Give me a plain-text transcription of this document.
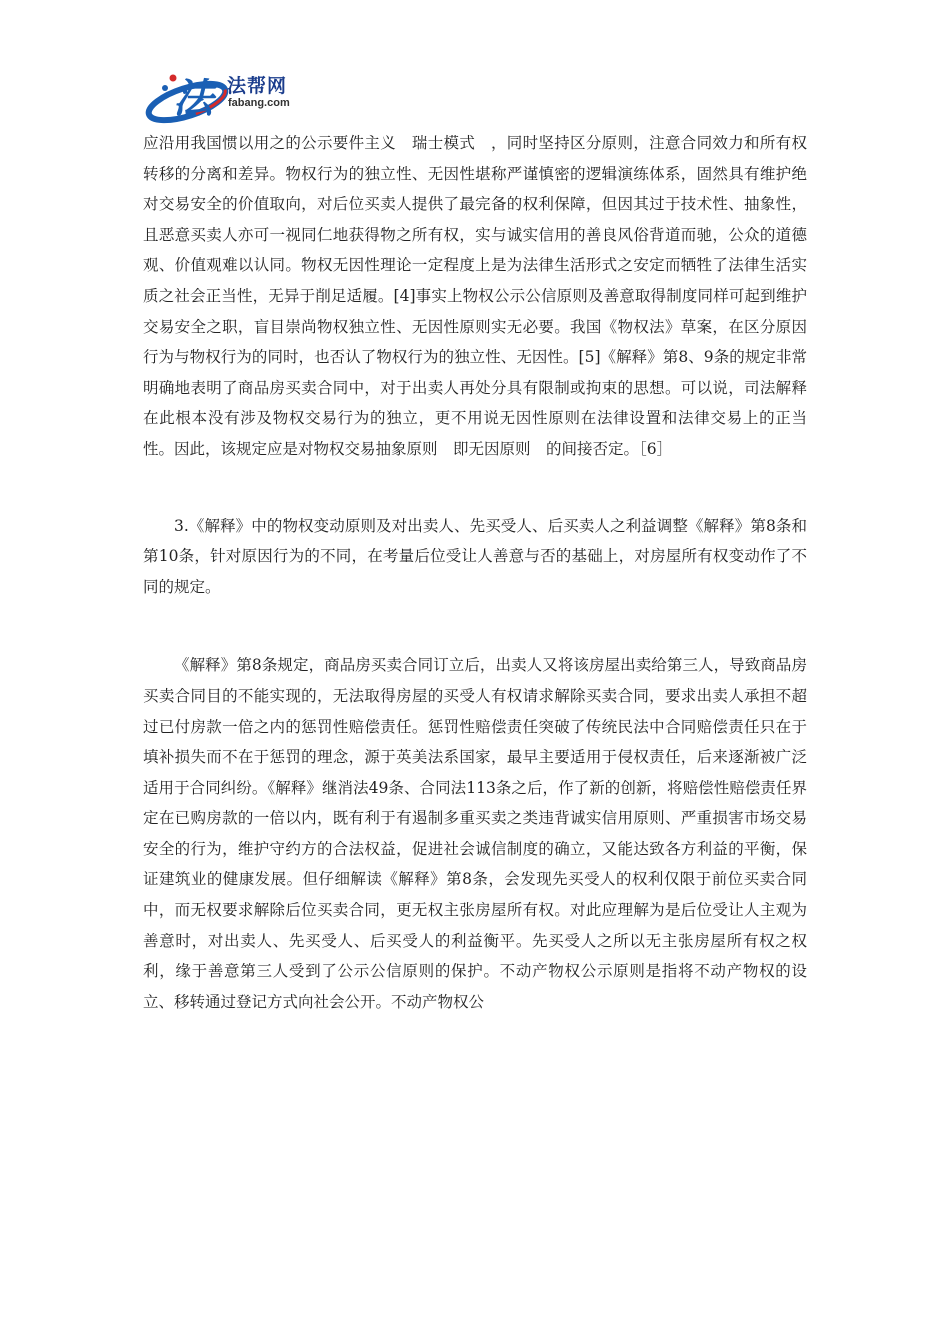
法 法帮网
fabang.com

应沿用我国惯以用之的公示要件主义　瑞士模式　，同时坚持区分原则，注意合同效力和所有权转移的分离和差异。物权行为的独立性、无因性堪称严谨慎密的逻辑演练体系，固然具有维护绝对交易安全的价值取向，对后位买卖人提供了最完备的权利保障，但因其过于技术性、抽象性，且恶意买卖人亦可一视同仁地获得物之所有权，实与诚实信用的善良风俗背道而驰，公众的道德观、价值观难以认同。物权无因性理论一定程度上是为法律生活形式之安定而牺牲了法律生活实质之社会正当性，无异于削足适履。[4]事实上物权公示公信原则及善意取得制度同样可起到维护交易安全之职，盲目崇尚物权独立性、无因性原则实无必要。我国《物权法》草案，在区分原因行为与物权行为的同时，也否认了物权行为的独立性、无因性。[5]《解释》第8、9条的规定非常明确地表明了商品房买卖合同中，对于出卖人再处分具有限制或拘束的思想。可以说，司法解释在此根本没有涉及物权交易行为的独立，更不用说无因性原则在法律设置和法律交易上的正当性。因此，该规定应是对物权交易抽象原则　即无因原则　的间接否定。［6］

3.《解释》中的物权变动原则及对出卖人、先买受人、后买卖人之利益调整《解释》第8条和第10条，针对原因行为的不同，在考量后位受让人善意与否的基础上，对房屋所有权变动作了不同的规定。

《解释》第8条规定，商品房买卖合同订立后，出卖人又将该房屋出卖给第三人，导致商品房买卖合同目的不能实现的，无法取得房屋的买受人有权请求解除买卖合同，要求出卖人承担不超过已付房款一倍之内的惩罚性赔偿责任。惩罚性赔偿责任突破了传统民法中合同赔偿责任只在于填补损失而不在于惩罚的理念，源于英美法系国家，最早主要适用于侵权责任，后来逐渐被广泛适用于合同纠纷。《解释》继消法49条、合同法113条之后，作了新的创新，将赔偿性赔偿责任界定在已购房款的一倍以内，既有利于有遏制多重买卖之类违背诚实信用原则、严重损害市场交易安全的行为，维护守约方的合法权益，促进社会诚信制度的确立，又能达致各方利益的平衡，保证建筑业的健康发展。但仔细解读《解释》第8条，会发现先买受人的权利仅限于前位买卖合同中，而无权要求解除后位买卖合同，更无权主张房屋所有权。对此应理解为是后位受让人主观为善意时，对出卖人、先买受人、后买受人的利益衡平。先买受人之所以无主张房屋所有权之权利，缘于善意第三人受到了公示公信原则的保护。不动产物权公示原则是指将不动产物权的设立、移转通过登记方式向社会公开。不动产物权公
